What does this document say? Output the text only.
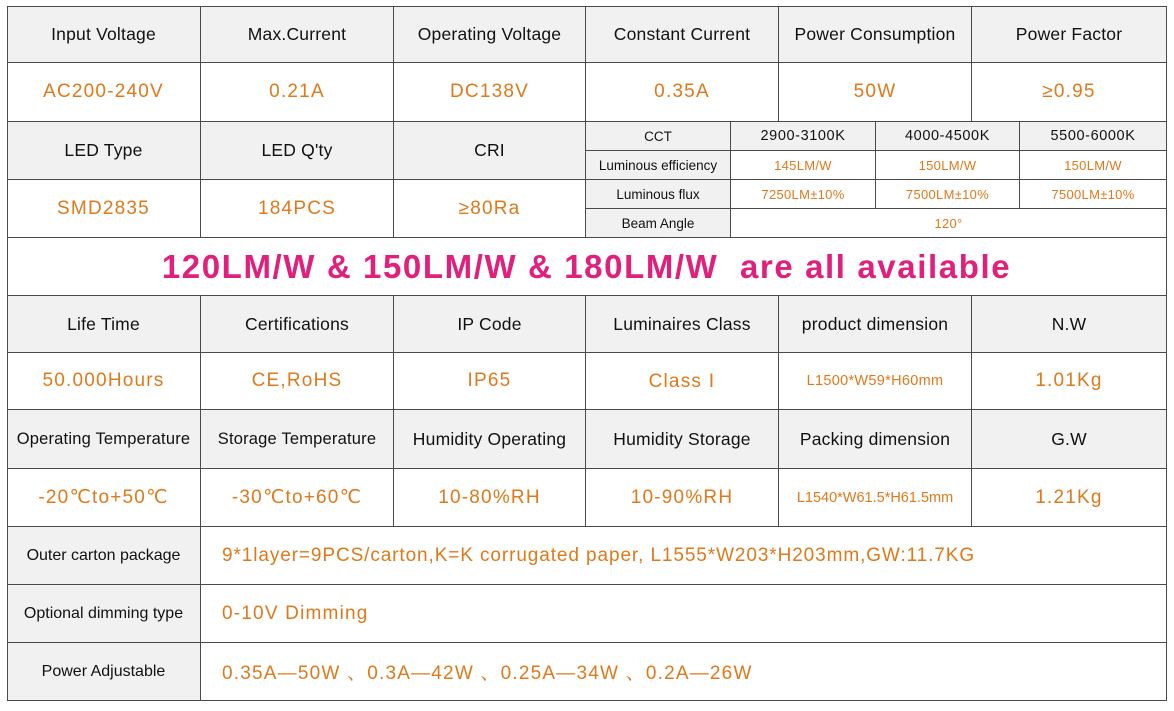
Input Voltage	Max.Current	Operating Voltage	Constant Current	Power Consumption	Power Factor
AC200-240V	0.21A	DC138V	0.35A	50W	≥0.95
LED Type	LED Q'ty	CRI
SMD2835	184PCS	≥80Ra
CCT	2900-3100K	4000-4500K	5500-6000K
Luminous efficiency	145LM/W	150LM/W	150LM/W
Luminous flux	7250LM±10%	7500LM±10%	7500LM±10%
Beam Angle	120°
120LM/W & 150LM/W & 180LM/W  are all available
Life Time	Certifications	IP Code	Luminaires Class	product dimension	N.W
50.000Hours	CE,RoHS	IP65	Class Ⅰ	L1500*W59*H60mm	1.01Kg
Operating Temperature	Storage Temperature	Humidity Operating	Humidity Storage	Packing dimension	G.W
-20℃to+50℃	-30℃to+60℃	10-80%RH	10-90%RH	L1540*W61.5*H61.5mm	1.21Kg
Outer carton package	9*1layer=9PCS/carton,K=K corrugated paper, L1555*W203*H203mm,GW:11.7KG
Optional dimming type	0-10V Dimming
Power Adjustable	0.35A—50W 、0.3A—42W 、0.25A—34W 、0.2A—26W
